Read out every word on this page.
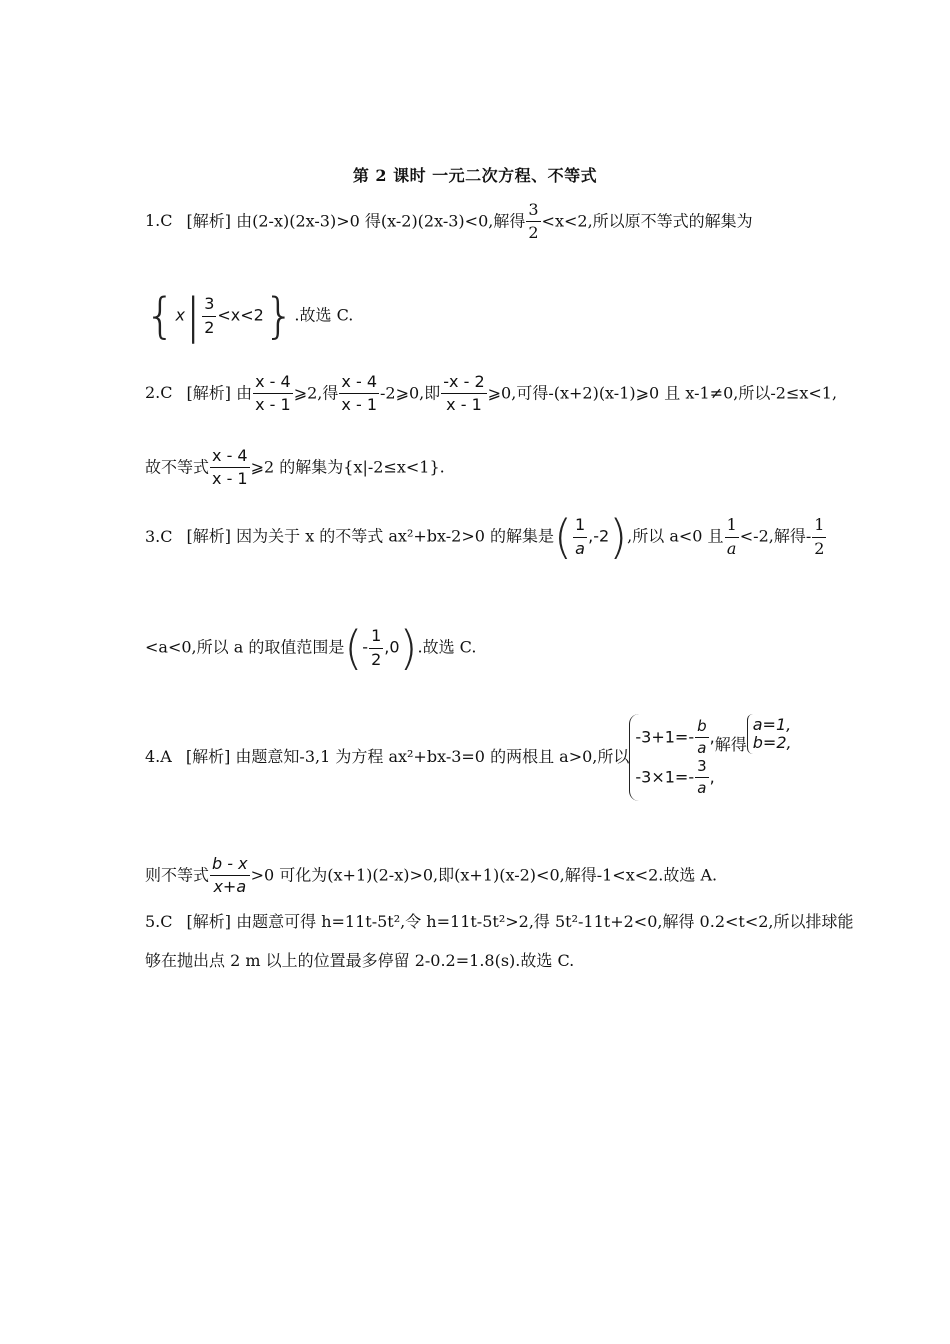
第 2 课时 一元二次方程、不等式
1.C [解析] 由(2-x)(2x-3)>0 得(x-2)(2x-3)<0,解得 $\frac{3}{2} <x<2$,所以原不等式的解集为
$\{x| \frac{3}{2} <x<2\}$.故选 C.
2.C [解析] 由 $\frac{x - 4}{x - 1}$ ⩾2,得 $\frac{x - 4}{x - 1}$ -2⩾0,即 $\frac{-x - 2}{x - 1}$ ⩾0,可得-(x+2)(x-1)⩾0 且 x-1≠0,所以-2≤x<1,
故不等式 $\frac{x - 4}{x - 1}$ ⩾2 的解集为{x|-2≤x<1}.
3.C [解析] 因为关于 x 的不等式 ax²+bx-2>0 的解集是( $\frac{1}{a} ,-2$),所以 a<0 且 $\frac{1}{a} <-2$,解得- $\frac{1}{2}$
<a<0,所以 a 的取值范围是(- $\frac{1}{2} ,0$).故选 C.
4.A [解析] 由题意知-3,1 为方程 ax²+bx-3=0 的两根且 a>0,所以
$-3+1=- \frac{b}{a}$ ,
$-3\times 1=- \frac{3}{a}$ ,
解得
a=1,
b=2,
则不等式 $\frac{b - x}{x+a} >0$ 可化为(x+1)(2-x)>0,即(x+1)(x-2)<0,解得-1<x<2.故选 A.
5.C [解析] 由题意可得 h=11t-5t²,令 h=11t-5t²>2,得 5t²-11t+2<0,解得 0.2<t<2,所以排球能
够在抛出点 2 m 以上的位置最多停留 2-0.2=1.8(s).故选 C.
